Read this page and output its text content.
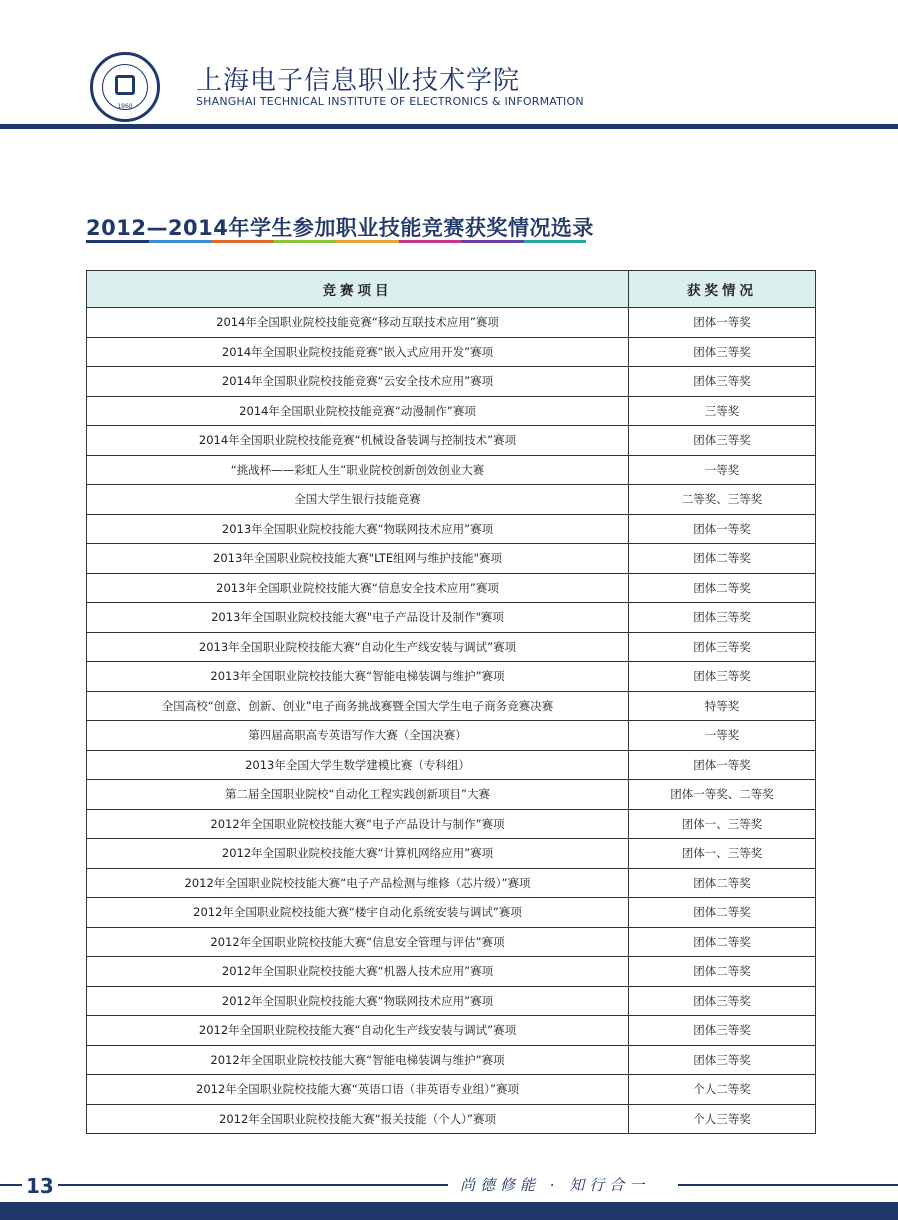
1960
上海电子信息职业技术学院
SHANGHAI TECHNICAL INSTITUTE OF ELECTRONICS & INFORMATION
2012—2014年学生参加职业技能竞赛获奖情况选录
竞赛项目	获奖情况
2014年全国职业院校技能竞赛“移动互联技术应用”赛项	团体一等奖
2014年全国职业院校技能竞赛“嵌入式应用开发”赛项	团体三等奖
2014年全国职业院校技能竞赛“云安全技术应用”赛项	团体三等奖
2014年全国职业院校技能竞赛“动漫制作”赛项	三等奖
2014年全国职业院校技能竞赛“机械设备装调与控制技术”赛项	团体三等奖
“挑战杯——彩虹人生”职业院校创新创效创业大赛	一等奖
全国大学生银行技能竞赛	二等奖、三等奖
2013年全国职业院校技能大赛“物联网技术应用”赛项	团体一等奖
2013年全国职业院校技能大赛"LTE组网与维护技能"赛项	团体二等奖
2013年全国职业院校技能大赛“信息安全技术应用”赛项	团体二等奖
2013年全国职业院校技能大赛"电子产品设计及制作"赛项	团体三等奖
2013年全国职业院校技能大赛“自动化生产线安装与调试”赛项	团体三等奖
2013年全国职业院校技能大赛“智能电梯装调与维护”赛项	团体三等奖
全国高校“创意、创新、创业”电子商务挑战赛暨全国大学生电子商务竞赛决赛	特等奖
第四届高职高专英语写作大赛（全国决赛）	一等奖
2013年全国大学生数学建模比赛（专科组）	团体一等奖
第二届全国职业院校“自动化工程实践创新项目”大赛	团体一等奖、二等奖
2012年全国职业院校技能大赛“电子产品设计与制作”赛项	团体一、三等奖
2012年全国职业院校技能大赛“计算机网络应用”赛项	团体一、三等奖
2012年全国职业院校技能大赛“电子产品检测与维修（芯片级）”赛项	团体二等奖
2012年全国职业院校技能大赛“楼宇自动化系统安装与调试”赛项	团体二等奖
2012年全国职业院校技能大赛“信息安全管理与评估”赛项	团体二等奖
2012年全国职业院校技能大赛“机器人技术应用”赛项	团体二等奖
2012年全国职业院校技能大赛“物联网技术应用”赛项	团体三等奖
2012年全国职业院校技能大赛“自动化生产线安装与调试”赛项	团体三等奖
2012年全国职业院校技能大赛“智能电梯装调与维护”赛项	团体三等奖
2012年全国职业院校技能大赛“英语口语（非英语专业组）”赛项	个人二等奖
2012年全国职业院校技能大赛“报关技能（个人）”赛项	个人三等奖
13	尚德修能 · 知行合一
